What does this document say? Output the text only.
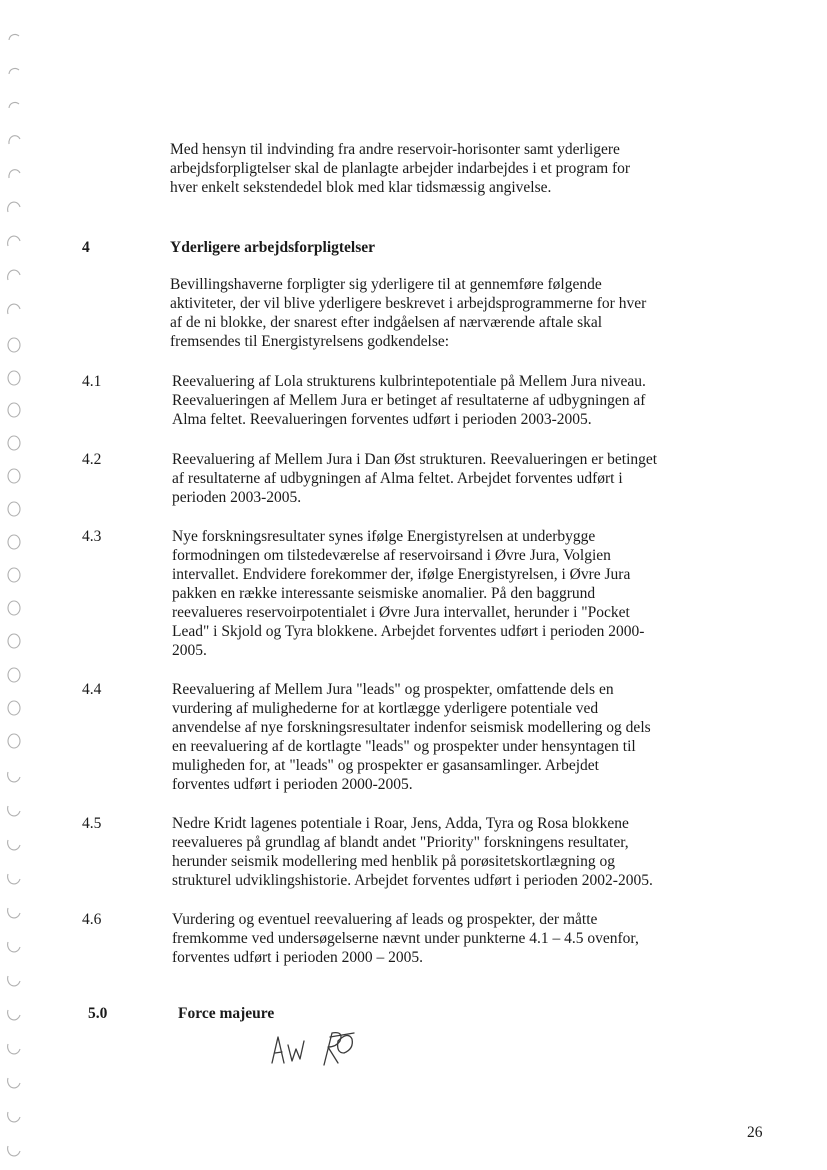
Med hensyn til indvinding fra andre reservoir-horisonter samt yderligere
arbejdsforpligtelser skal de planlagte arbejder indarbejdes i et program for
hver enkelt sekstendedel blok med klar tidsmæssig angivelse.

4	Yderligere arbejdsforpligtelser

Bevillingshaverne forpligter sig yderligere til at gennemføre følgende
aktiviteter, der vil blive yderligere beskrevet i arbejdsprogrammerne for hver
af de ni blokke, der snarest efter indgåelsen af nærværende aftale skal
fremsendes til Energistyrelsens godkendelse:

4.1	Reevaluering af Lola strukturens kulbrintepotentiale på Mellem Jura niveau.
Reevalueringen af Mellem Jura er betinget af resultaterne af udbygningen af
Alma feltet. Reevalueringen forventes udført i perioden 2003-2005.

4.2	Reevaluering af Mellem Jura i Dan Øst strukturen. Reevalueringen er betinget
af resultaterne af udbygningen af Alma feltet. Arbejdet forventes udført i
perioden 2003-2005.

4.3	Nye forskningsresultater synes ifølge Energistyrelsen at underbygge
formodningen om tilstedeværelse af reservoirsand i Øvre Jura, Volgien
intervallet. Endvidere forekommer der, ifølge Energistyrelsen, i Øvre Jura
pakken en række interessante seismiske anomalier. På den baggrund
reevalueres reservoirpotentialet i Øvre Jura intervallet, herunder i "Pocket
Lead" i Skjold og Tyra blokkene. Arbejdet forventes udført i perioden 2000-
2005.

4.4	Reevaluering af Mellem Jura "leads" og prospekter, omfattende dels en
vurdering af mulighederne for at kortlægge yderligere potentiale ved
anvendelse af nye forskningsresultater indenfor seismisk modellering og dels
en reevaluering af de kortlagte "leads" og prospekter under hensyntagen til
muligheden for, at "leads" og prospekter er gasansamlinger. Arbejdet
forventes udført i perioden 2000-2005.

4.5	Nedre Kridt lagenes potentiale i Roar, Jens, Adda, Tyra og Rosa blokkene
reevalueres på grundlag af blandt andet "Priority" forskningens resultater,
herunder seismik modellering med henblik på porøsitetskortlægning og
strukturel udviklingshistorie. Arbejdet forventes udført i perioden 2002-2005.

4.6	Vurdering og eventuel reevaluering af leads og prospekter, der måtte
fremkomme ved undersøgelserne nævnt under punkterne 4.1 – 4.5 ovenfor,
forventes udført i perioden 2000 – 2005.

5.0	Force majeure
26
